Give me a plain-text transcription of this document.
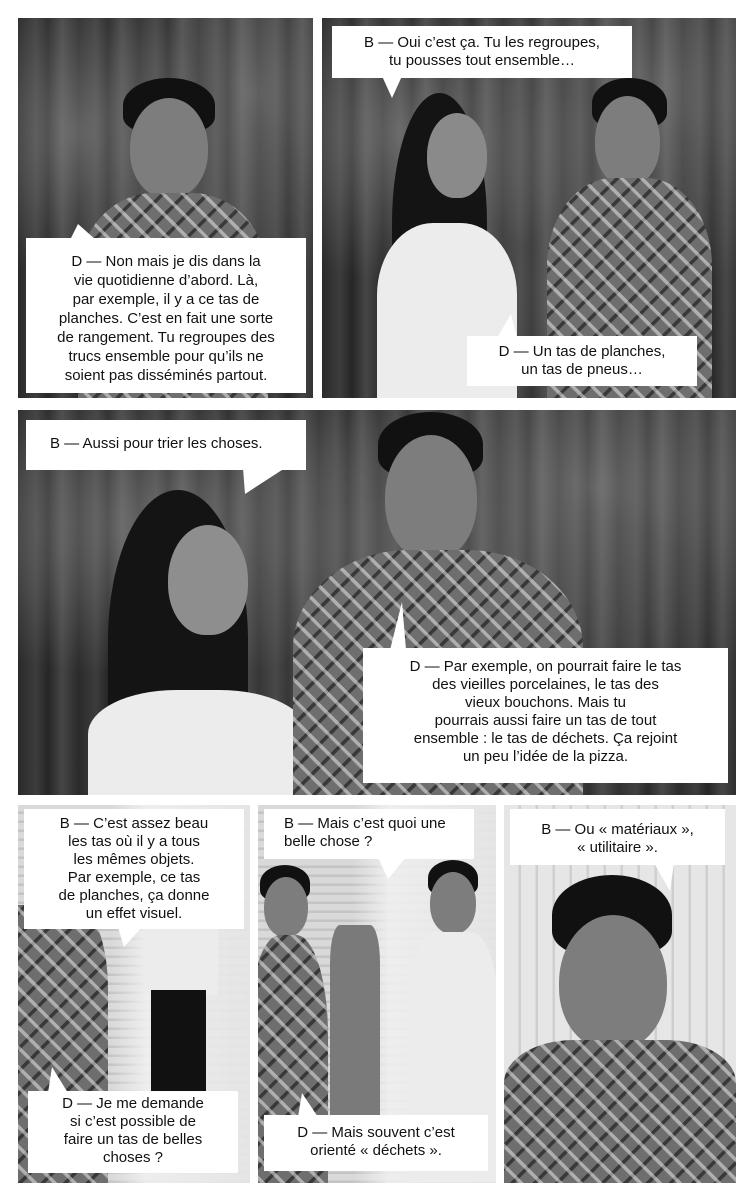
D — Non mais je dis dans la
vie quotidienne d’abord. Là,
par exemple, il y a ce tas de
planches. C’est en fait une sorte
de rangement. Tu regroupes des
trucs ensemble pour qu’ils ne
soient pas disséminés partout.
B — Oui c’est ça. Tu les regroupes,
tu pousses tout ensemble…
D — Un tas de planches,
un tas de pneus…
B — Aussi pour trier les choses.
D — Par exemple, on pourrait faire le tas
des vieilles porcelaines, le tas des
vieux bouchons. Mais tu
pourrais aussi faire un tas de tout
ensemble : le tas de déchets. Ça rejoint
un peu l’idée de la pizza.
B — C’est assez beau
les tas où il y a tous
les mêmes objets.
Par exemple, ce tas
de planches, ça donne
un effet visuel.
D — Je me demande
si c’est possible de
faire un tas de belles
choses ?
B — Mais c’est quoi une
belle chose ?
D — Mais souvent c’est
orienté « déchets ».
B — Ou « matériaux »,
« utilitaire ».
